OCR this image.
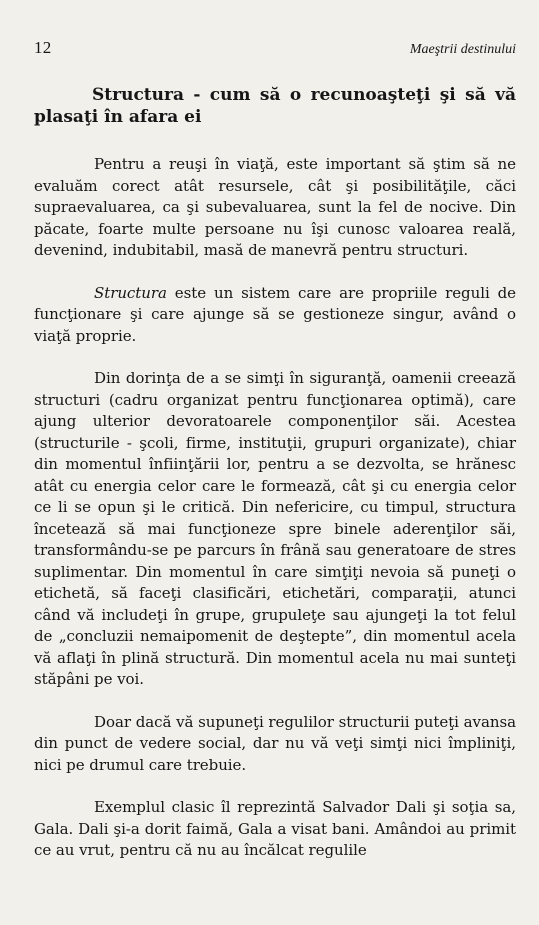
12	Maeştrii destinului
Structura - cum să o recunoaşteţi şi să vă plasaţi în afara ei

Pentru a reuşi în viaţă, este important să ştim să ne evaluăm corect atât resursele, cât şi posibilităţile, căci supraevaluarea, ca şi subevaluarea, sunt la fel de nocive. Din păcate, foarte multe persoane nu îşi cunosc valoarea reală, devenind, indubitabil, masă de manevră pentru structuri.

Structura este un sistem care are propriile reguli de funcţionare şi care ajunge să se gestioneze singur, având o viaţă proprie.

Din dorinţa de a se simţi în siguranţă, oamenii creează structuri (cadru organizat pentru funcţionarea optimă), care ajung ulterior devoratoarele componenţilor săi. Acestea (structurile - şcoli, firme, instituţii, grupuri organizate), chiar din momentul înfiinţării lor, pentru a se dezvolta, se hrănesc atât cu energia celor care le formează, cât şi cu energia celor ce li se opun şi le critică. Din nefericire, cu timpul, structura încetează să mai funcţioneze spre binele aderenţilor săi, transformându-se pe parcurs în frână sau generatoare de stres suplimentar. Din momentul în care simţiţi nevoia să puneţi o etichetă, să faceţi clasificări, etichetări, comparaţii, atunci când vă includeţi în grupe, grupuleţe sau ajungeţi la tot felul de „concluzii nemaipomenit de deştepte”, din momentul acela vă aflaţi în plină structură. Din momentul acela nu mai sunteţi stăpâni pe voi.

Doar dacă vă supuneţi regulilor structurii puteţi avansa din punct de vedere social, dar nu vă veţi simţi nici împliniţi, nici pe drumul care trebuie.

Exemplul clasic îl reprezintă Salvador Dali şi soţia sa, Gala. Dali şi-a dorit faimă, Gala a visat bani. Amândoi au primit ce au vrut, pentru că nu au încălcat regulile
